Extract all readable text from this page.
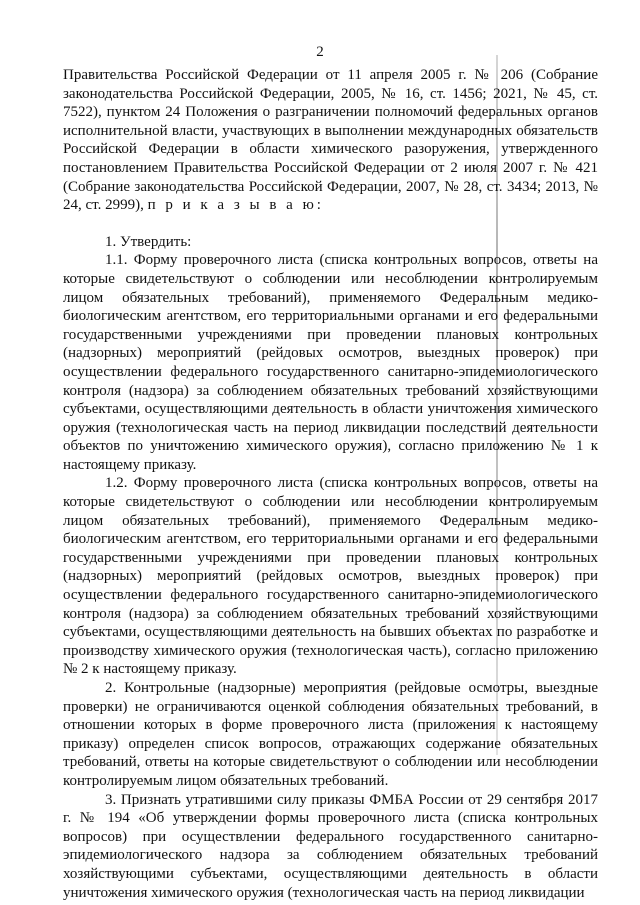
2

Правительства Российской Федерации от 11 апреля 2005 г. № 206 (Собрание законодательства Российской Федерации, 2005, № 16, ст. 1456; 2021, № 45, ст. 7522), пунктом 24 Положения о разграничении полномочий федеральных органов исполнительной власти, участвующих в выполнении международных обязательств Российской Федерации в области химического разоружения, утвержденного постановлением Правительства Российской Федерации от 2 июля 2007 г. № 421 (Собрание законодательства Российской Федерации, 2007, № 28, ст. 3434; 2013, № 24, ст. 2999), п р и к а з ы в а ю:

1. Утвердить:

1.1. Форму проверочного листа (списка контрольных вопросов, ответы на которые свидетельствуют о соблюдении или несоблюдении контролируемым лицом обязательных требований), применяемого Федеральным медико-биологическим агентством, его территориальными органами и его федеральными государственными учреждениями при проведении плановых контрольных (надзорных) мероприятий (рейдовых осмотров, выездных проверок) при осуществлении федерального государственного санитарно-эпидемиологического контроля (надзора) за соблюдением обязательных требований хозяйствующими субъектами, осуществляющими деятельность в области уничтожения химического оружия (технологическая часть на период ликвидации последствий деятельности объектов по уничтожению химического оружия), согласно приложению № 1 к настоящему приказу.

1.2. Форму проверочного листа (списка контрольных вопросов, ответы на которые свидетельствуют о соблюдении или несоблюдении контролируемым лицом обязательных требований), применяемого Федеральным медико-биологическим агентством, его территориальными органами и его федеральными государственными учреждениями при проведении плановых контрольных (надзорных) мероприятий (рейдовых осмотров, выездных проверок) при осуществлении федерального государственного санитарно-эпидемиологического контроля (надзора) за соблюдением обязательных требований хозяйствующими субъектами, осуществляющими деятельность на бывших объектах по разработке и производству химического оружия (технологическая часть), согласно приложению № 2 к настоящему приказу.

2. Контрольные (надзорные) мероприятия (рейдовые осмотры, выездные проверки) не ограничиваются оценкой соблюдения обязательных требований, в отношении которых в форме проверочного листа (приложения к настоящему приказу) определен список вопросов, отражающих содержание обязательных требований, ответы на которые свидетельствуют о соблюдении или несоблюдении контролируемым лицом обязательных требований.

3. Признать утратившими силу приказы ФМБА России от 29 сентября 2017 г. № 194 «Об утверждении формы проверочного листа (списка контрольных вопросов) при осуществлении федерального государственного санитарно-эпидемиологического надзора за соблюдением обязательных требований хозяйствующими субъектами, осуществляющими деятельность в области уничтожения химического оружия (технологическая часть на период ликвидации
